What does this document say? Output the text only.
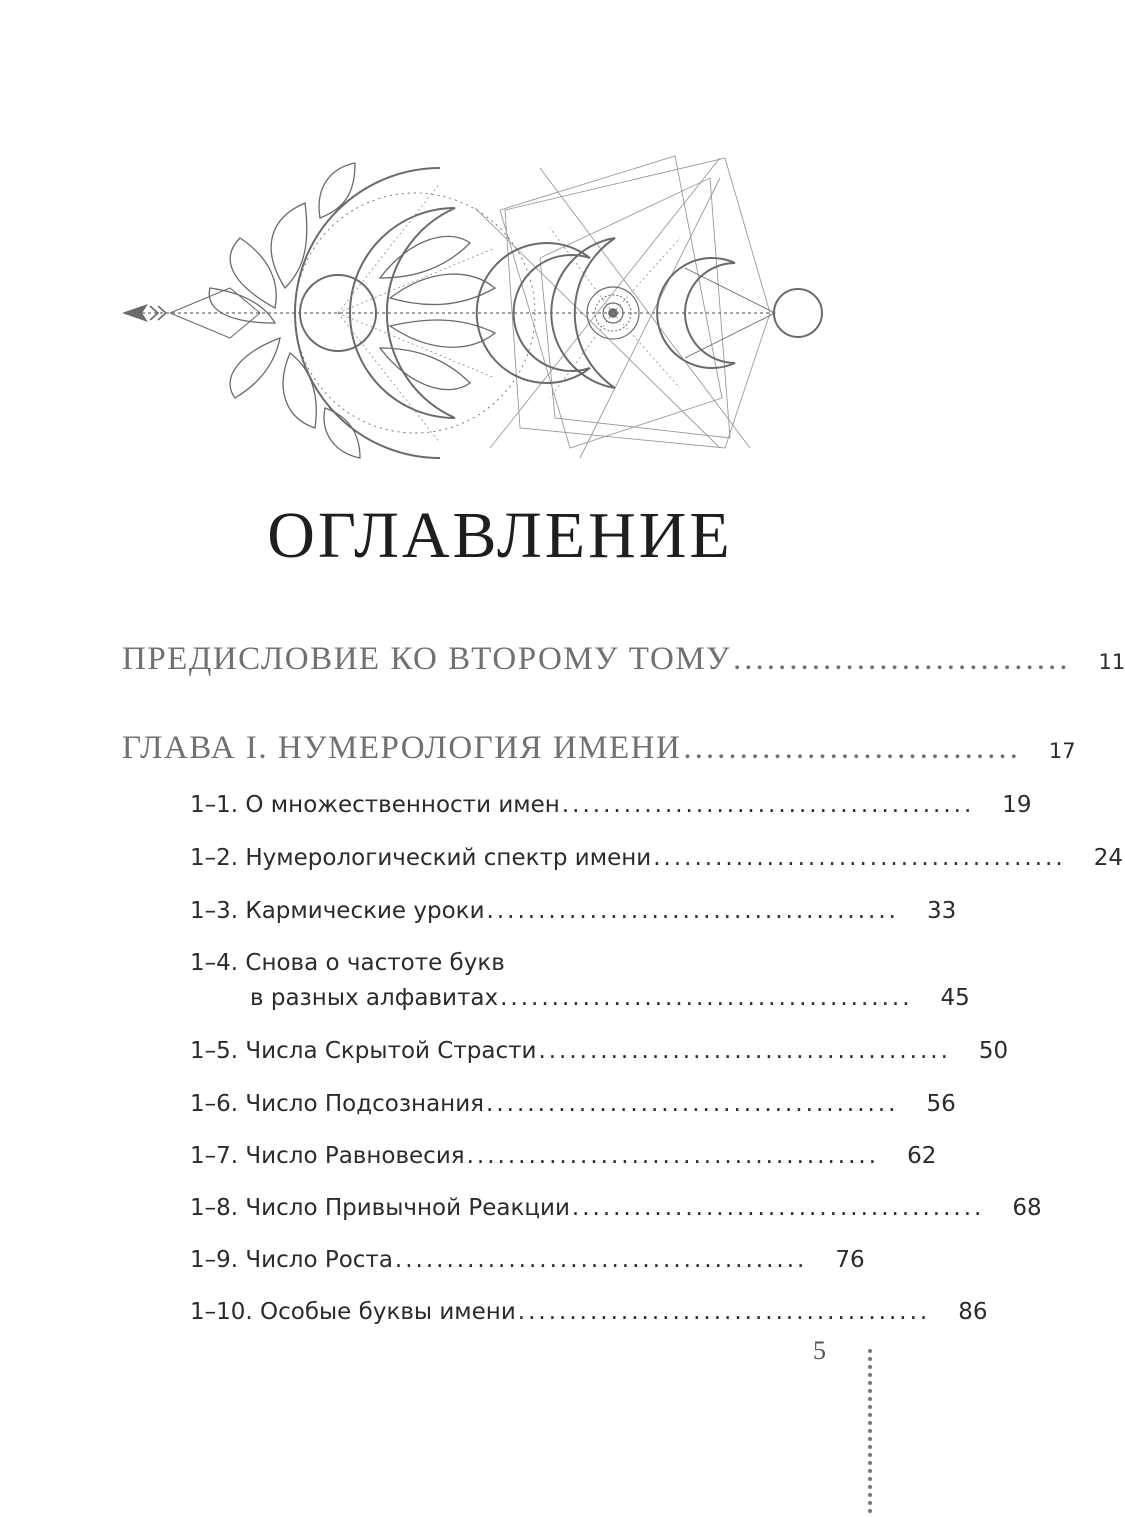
ОГЛАВЛЕНИЕ
ПРЕДИСЛОВИЕ КО ВТОРОМУ ТОМУ .............................. 11
ГЛАВА I. НУМЕРОЛОГИЯ ИМЕНИ .............................. 17
1–1. О множественности имен ........................................ 19
1–2. Нумерологический спектр имени ........................................ 24
1–3. Кармические уроки ........................................ 33
1–4. Снова о частоте букв
в разных алфавитах ........................................ 45
1–5. Числа Скрытой Страсти ........................................ 50
1–6. Число Подсознания ........................................ 56
1–7. Число Равновесия ........................................ 62
1–8. Число Привычной Реакции ........................................ 68
1–9. Число Роста ........................................ 76
1–10. Особые буквы имени ........................................ 86
5
